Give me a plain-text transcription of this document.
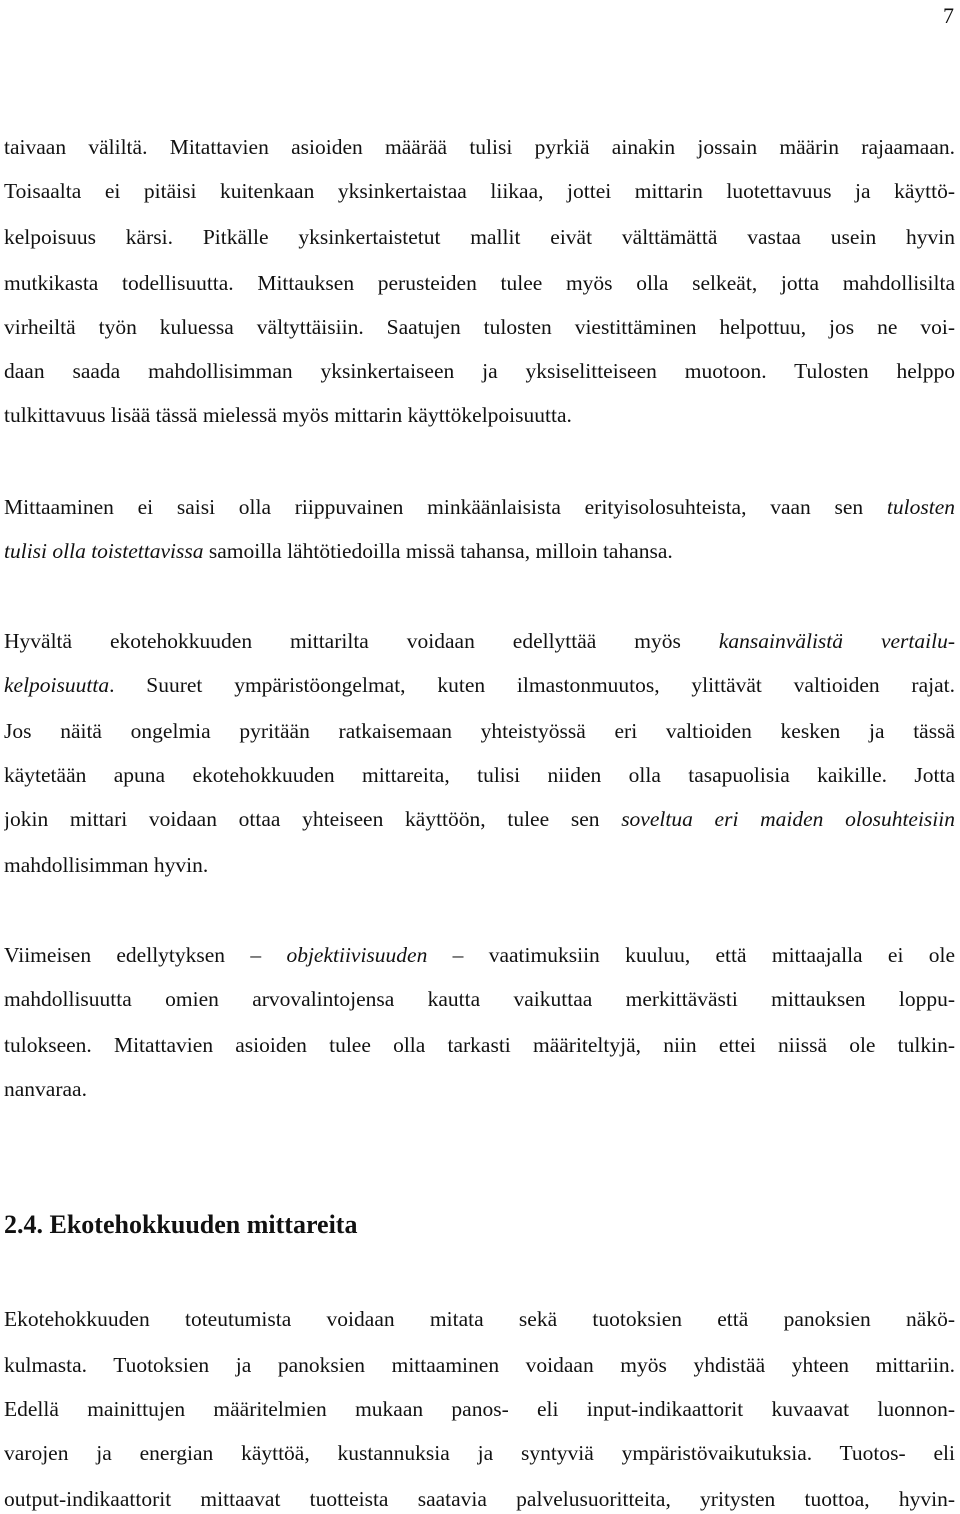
7
taivaan väliltä. Mitattavien asioiden määrää tulisi pyrkiä ainakin jossain määrin rajaamaan.
Toisaalta ei pitäisi kuitenkaan yksinkertaistaa liikaa, jottei mittarin luotettavuus ja käyttö-
kelpoisuus kärsi. Pitkälle yksinkertaistetut mallit eivät välttämättä vastaa usein hyvin
mutkikasta todellisuutta. Mittauksen perusteiden tulee myös olla selkeät, jotta mahdollisilta
virheiltä työn kuluessa vältyttäisiin. Saatujen tulosten viestittäminen helpottuu, jos ne voi-
daan saada mahdollisimman yksinkertaiseen ja yksiselitteiseen muotoon. Tulosten helppo
tulkittavuus lisää tässä mielessä myös mittarin käyttökelpoisuutta.
Mittaaminen ei saisi olla riippuvainen minkäänlaisista erityisolosuhteista, vaan sen tulosten
tulisi olla toistettavissa samoilla lähtötiedoilla missä tahansa, milloin tahansa.
Hyvältä ekotehokkuuden mittarilta voidaan edellyttää myös kansainvälistä vertailu-
kelpoisuutta. Suuret ympäristöongelmat, kuten ilmastonmuutos, ylittävät valtioiden rajat.
Jos näitä ongelmia pyritään ratkaisemaan yhteistyössä eri valtioiden kesken ja tässä
käytetään apuna ekotehokkuuden mittareita, tulisi niiden olla tasapuolisia kaikille. Jotta
jokin mittari voidaan ottaa yhteiseen käyttöön, tulee sen soveltua eri maiden olosuhteisiin
mahdollisimman hyvin.
Viimeisen edellytyksen – objektiivisuuden – vaatimuksiin kuuluu, että mittaajalla ei ole
mahdollisuutta omien arvovalintojensa kautta vaikuttaa merkittävästi mittauksen loppu-
tulokseen. Mitattavien asioiden tulee olla tarkasti määriteltyjä, niin ettei niissä ole tulkin-
nanvaraa.
2.4. Ekotehokkuuden mittareita
Ekotehokkuuden toteutumista voidaan mitata sekä tuotoksien että panoksien näkö-
kulmasta. Tuotoksien ja panoksien mittaaminen voidaan myös yhdistää yhteen mittariin.
Edellä mainittujen määritelmien mukaan panos- eli input-indikaattorit kuvaavat luonnon-
varojen ja energian käyttöä, kustannuksia ja syntyviä ympäristövaikutuksia. Tuotos- eli
output-indikaattorit mittaavat tuotteista saatavia palvelusuoritteita, yritysten tuottoa, hyvin-
